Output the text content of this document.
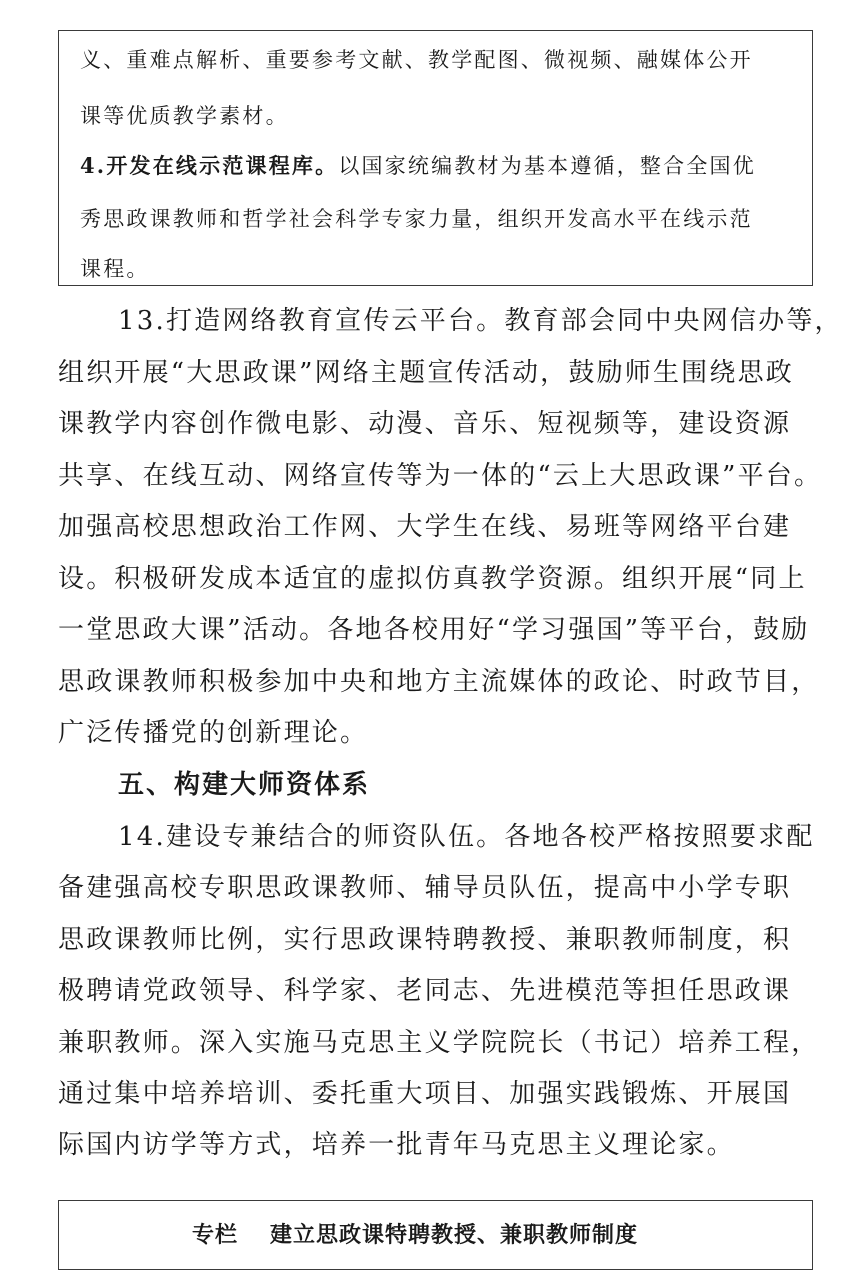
义、重难点解析、重要参考文献、教学配图、微视频、融媒体公开
课等优质教学素材。
4.开发在线示范课程库。以国家统编教材为基本遵循，整合全国优
秀思政课教师和哲学社会科学专家力量，组织开发高水平在线示范
课程。
13.打造网络教育宣传云平台。教育部会同中央网信办等，
组织开展“大思政课”网络主题宣传活动，鼓励师生围绕思政
课教学内容创作微电影、动漫、音乐、短视频等，建设资源
共享、在线互动、网络宣传等为一体的“云上大思政课”平台。
加强高校思想政治工作网、大学生在线、易班等网络平台建
设。积极研发成本适宜的虚拟仿真教学资源。组织开展“同上
一堂思政大课”活动。各地各校用好“学习强国”等平台，鼓励
思政课教师积极参加中央和地方主流媒体的政论、时政节目，
广泛传播党的创新理论。
五、构建大师资体系
14.建设专兼结合的师资队伍。各地各校严格按照要求配
备建强高校专职思政课教师、辅导员队伍，提高中小学专职
思政课教师比例，实行思政课特聘教授、兼职教师制度，积
极聘请党政领导、科学家、老同志、先进模范等担任思政课
兼职教师。深入实施马克思主义学院院长（书记）培养工程，
通过集中培养培训、委托重大项目、加强实践锻炼、开展国
际国内访学等方式，培养一批青年马克思主义理论家。
专栏 建立思政课特聘教授、兼职教师制度
